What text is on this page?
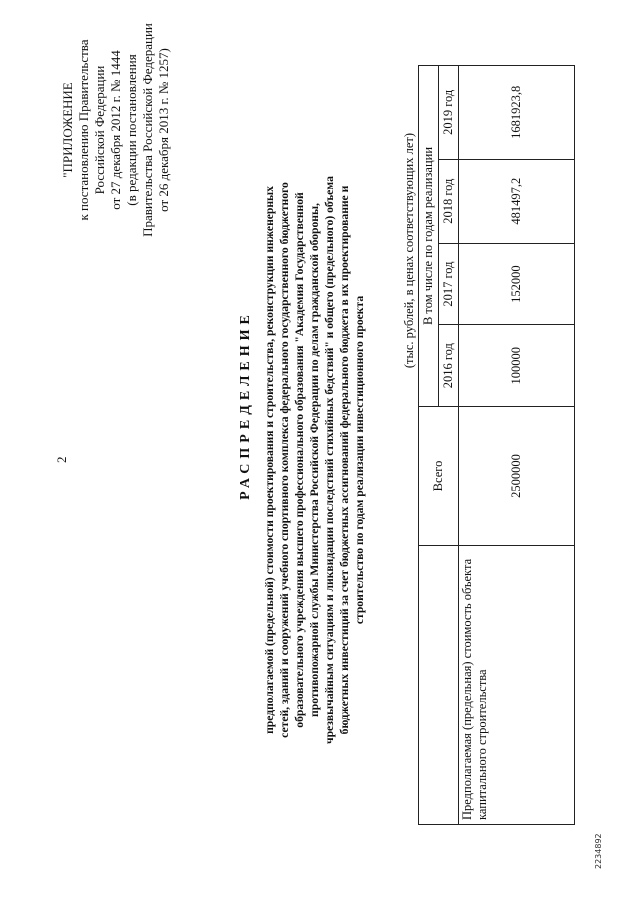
2
"ПРИЛОЖЕНИЕ к постановлению Правительства Российской Федерации от 27 декабря 2012 г. № 1444 (в редакции постановления Правительства Российской Федерации от 26 декабря 2013 г. № 1257)
РАСПРЕДЕЛЕНИЕ предполагаемой (предельной) стоимости проектирования и строительства, реконструкции инженерных сетей, зданий и сооружений учебного спортивного комплекса федерального государственного бюджетного образовательного учреждения высшего профессионального образования "Академия Государственной противопожарной службы Министерства Российской Федерации по делам гражданской обороны, чрезвычайным ситуациям и ликвидации последствий стихийных бедствий" и общего (предельного) объема бюджетных инвестиций за счет бюджетных ассигнований федерального бюджета в их проектирование и строительство по годам реализации инвестиционного проекта
(тыс. рублей, в ценах соответствующих лет)
	Всего	В том числе по годам реализации			
		2016 год	2017 год	2018 год	2019 год
Предполагаемая (предельная) стоимость объекта капитального строительства	2500000	100000	152000	481497,2	1681923,8
2234892
